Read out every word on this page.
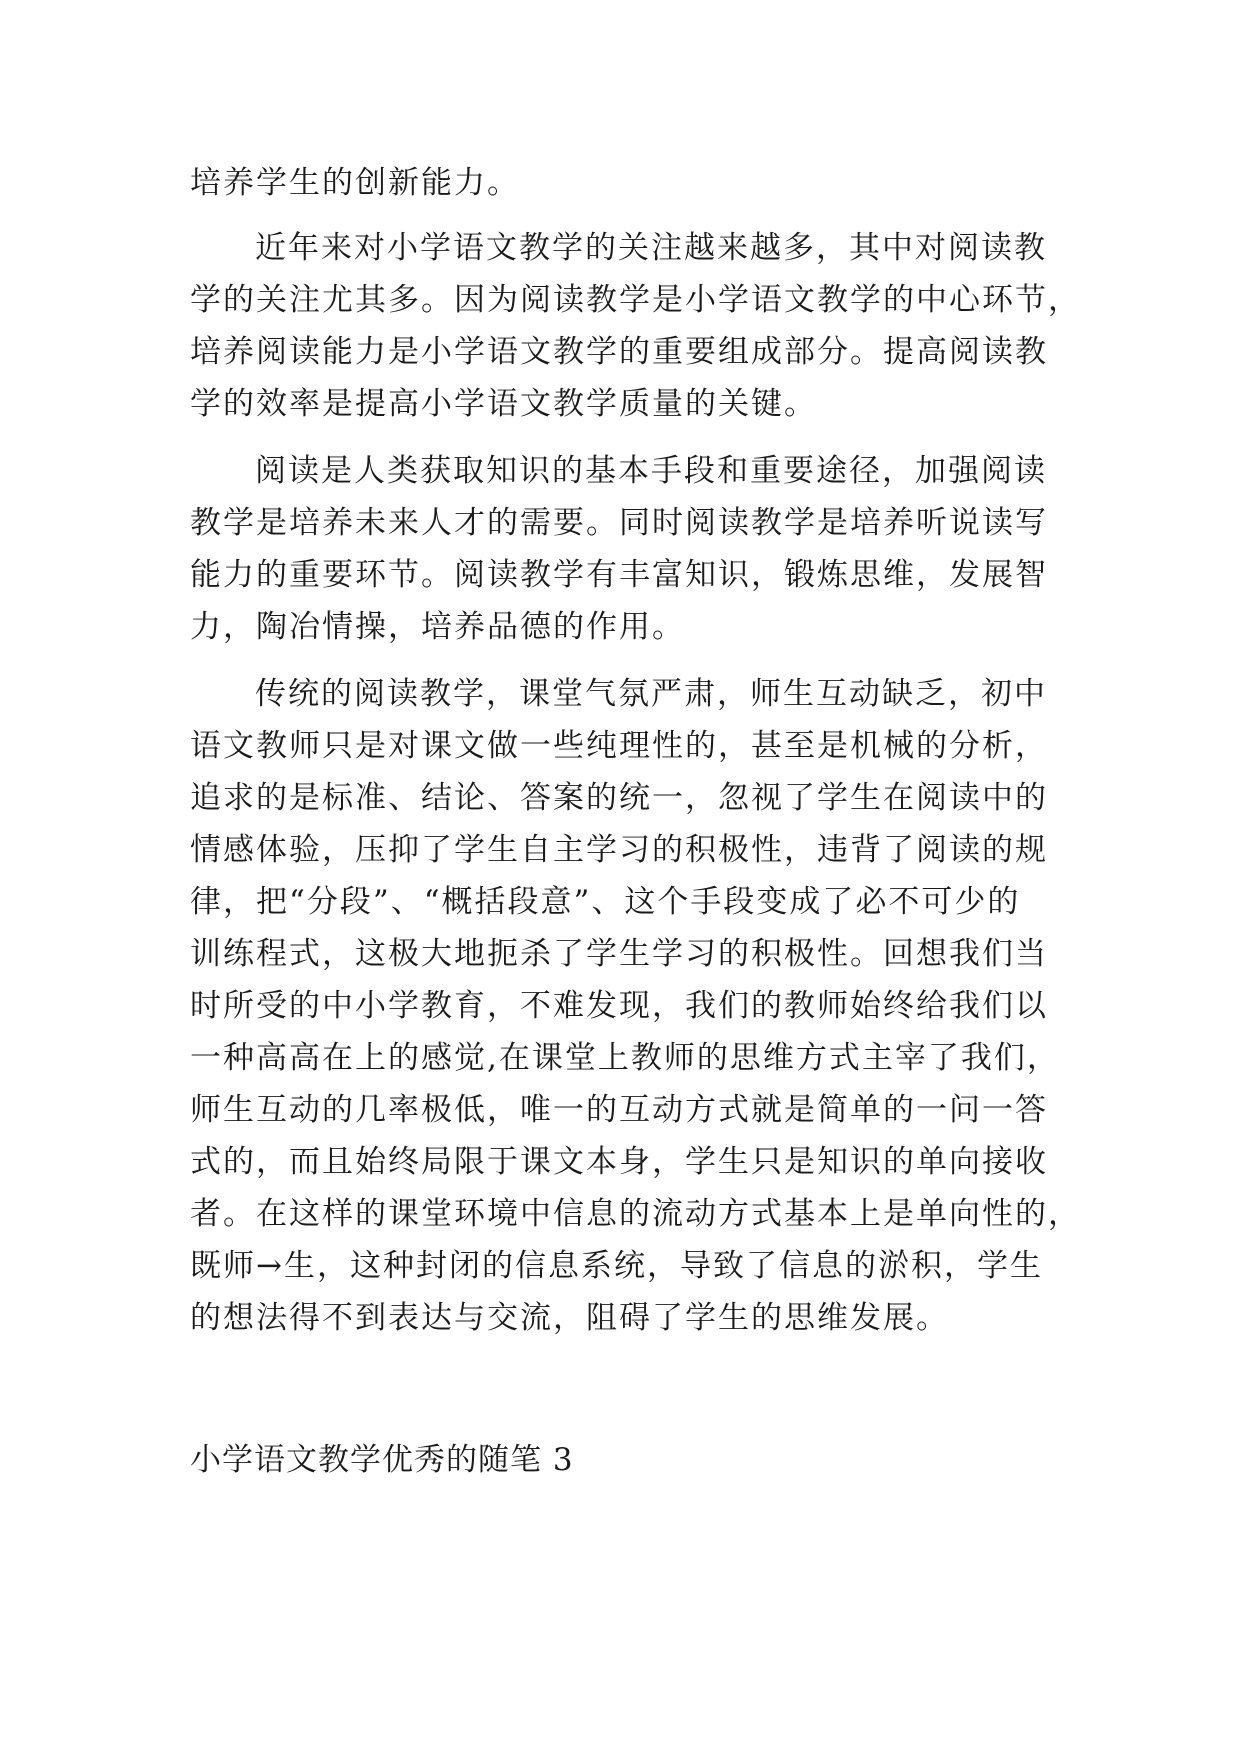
培养学生的创新能力。
近年来对小学语文教学的关注越来越多，其中对阅读教
学的关注尤其多。因为阅读教学是小学语文教学的中心环节，
培养阅读能力是小学语文教学的重要组成部分。提高阅读教
学的效率是提高小学语文教学质量的关键。
阅读是人类获取知识的基本手段和重要途径，加强阅读
教学是培养未来人才的需要。同时阅读教学是培养听说读写
能力的重要环节。阅读教学有丰富知识，锻炼思维，发展智
力，陶冶情操，培养品德的作用。
传统的阅读教学，课堂气氛严肃，师生互动缺乏，初中
语文教师只是对课文做一些纯理性的，甚至是机械的分析，
追求的是标准、结论、答案的统一，忽视了学生在阅读中的
情感体验，压抑了学生自主学习的积极性，违背了阅读的规
律，把“分段”、“概括段意”、这个手段变成了必不可少的
训练程式，这极大地扼杀了学生学习的积极性。回想我们当
时所受的中小学教育，不难发现，我们的教师始终给我们以
一种高高在上的感觉,在课堂上教师的思维方式主宰了我们，
师生互动的几率极低，唯一的互动方式就是简单的一问一答
式的，而且始终局限于课文本身，学生只是知识的单向接收
者。在这样的课堂环境中信息的流动方式基本上是单向性的，
既师→生，这种封闭的信息系统，导致了信息的淤积，学生
的想法得不到表达与交流，阻碍了学生的思维发展。
小学语文教学优秀的随笔 3
